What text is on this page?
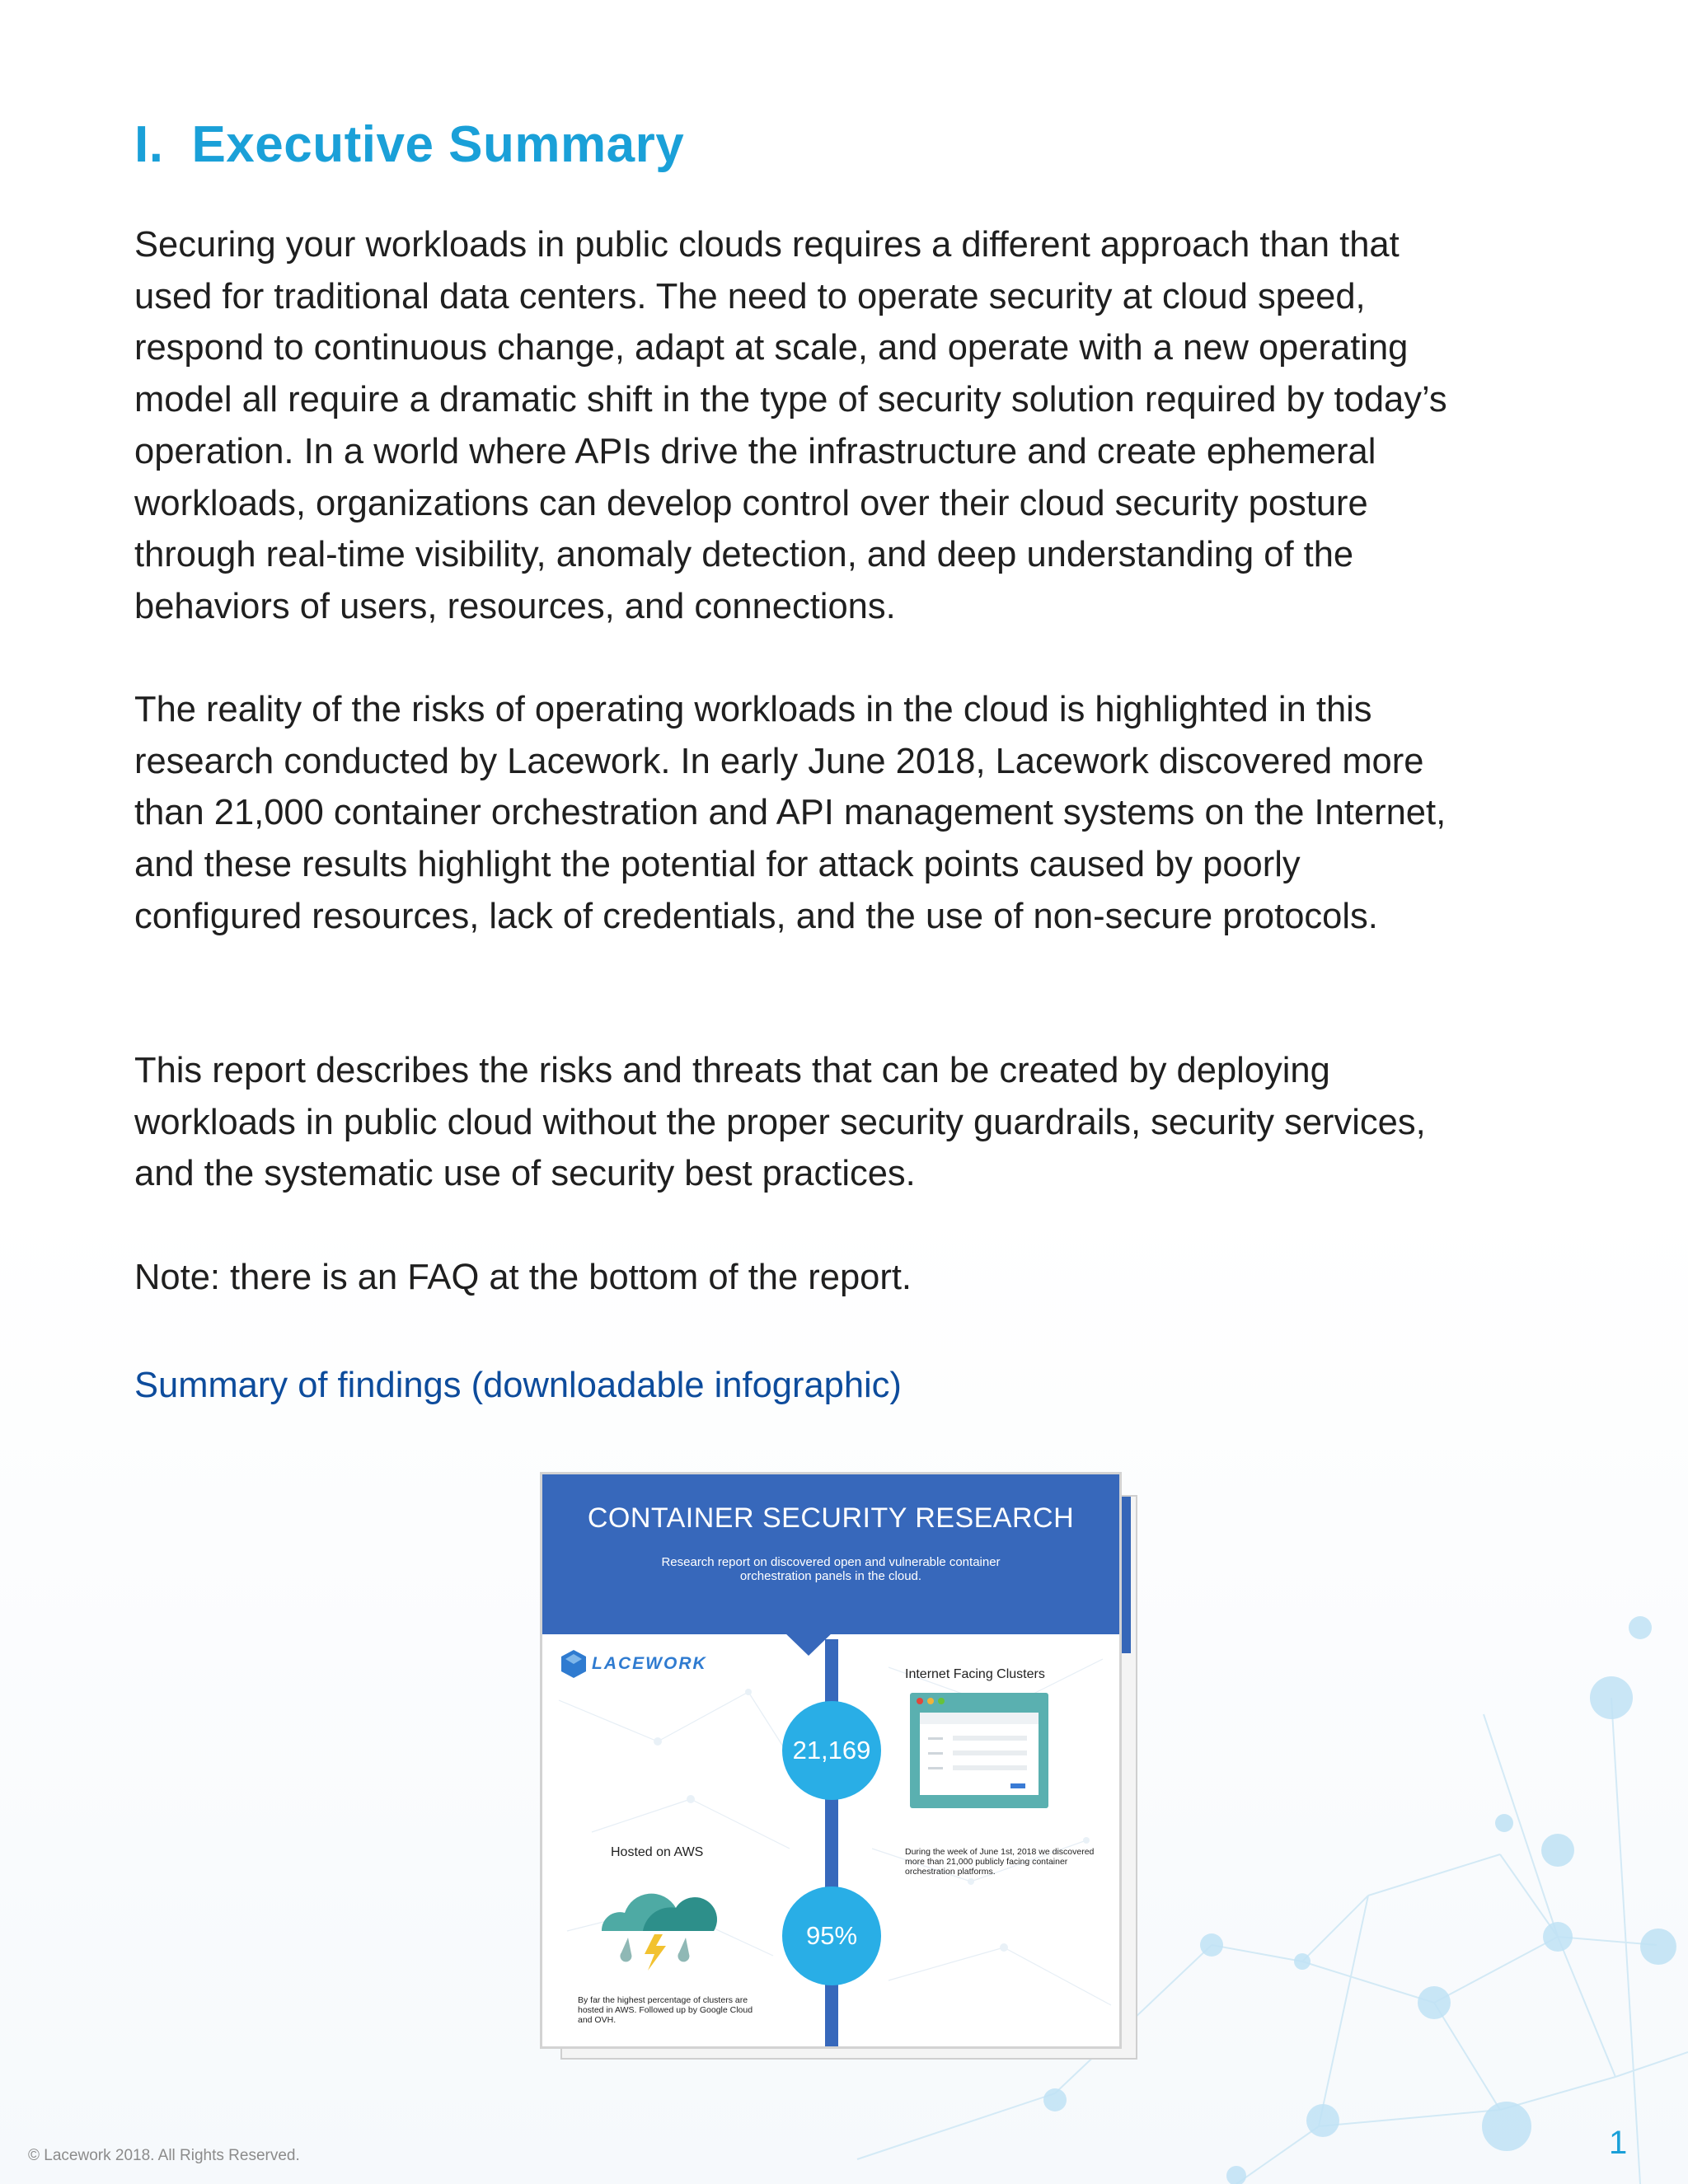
I. Executive Summary

Securing your workloads in public clouds requires a different approach than that used for traditional data centers. The need to operate security at cloud speed, respond to continuous change, adapt at scale, and operate with a new operating model all require a dramatic shift in the type of security solution required by today’s operation. In a world where APIs drive the infrastructure and create ephemeral workloads, organizations can develop control over their cloud security posture through real-time visibility, anomaly detection, and deep understanding of the behaviors of users, resources, and connections.

The reality of the risks of operating workloads in the cloud is highlighted in this research conducted by Lacework. In early June 2018, Lacework discovered more than 21,000 container orchestration and API management systems on the Internet, and these results highlight the potential for attack points caused by poorly configured resources, lack of credentials, and the use of non-secure protocols.

This report describes the risks and threats that can be created by deploying workloads in public cloud without the proper security guardrails, security services, and the systematic use of security best practices.

Note: there is an FAQ at the bottom of the report.

Summary of findings (downloadable infographic)
CONTAINER SECURITY RESEARCH
Research report on discovered open and vulnerable container orchestration panels in the cloud.
LACEWORK
Internet Facing Clusters
During the week of June 1st, 2018 we discovered more than 21,000 publicly facing container orchestration platforms.
21,169
Hosted on AWS
By far the highest percentage of clusters are hosted in AWS. Followed up by Google Cloud and OVH.
95%
© Lacework 2018. All Rights Reserved.	1
